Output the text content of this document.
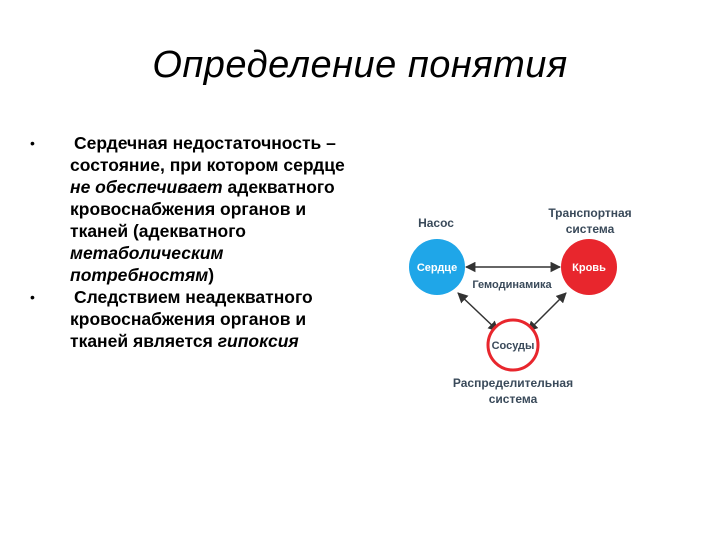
Определение понятия
• Сердечная недостаточность – состояние, при котором сердце не обеспечивает адекватного кровоснабжения органов и тканей (адекватного метаболическим потребностям)
• Следствием неадекватного кровоснабжения органов и тканей является гипоксия
Насос
Транспортная
система
Гемодинамика
Сердце	Кровь
Сосуды
Распределительная
система
